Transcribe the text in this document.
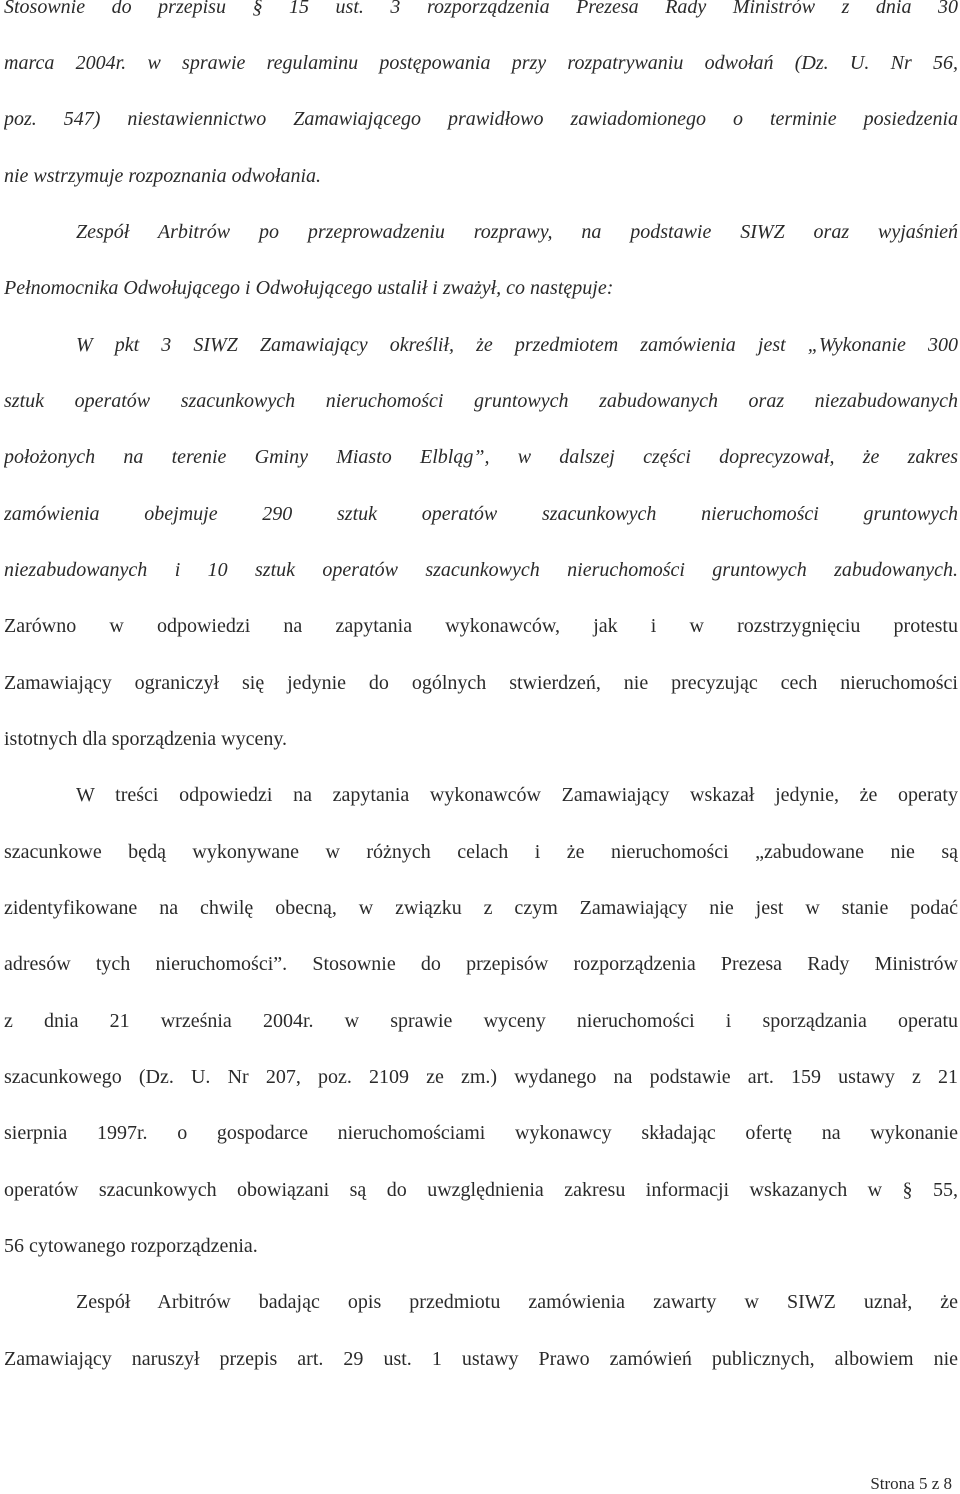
Stosownie do przepisu § 15 ust. 3 rozporządzenia Prezesa Rady Ministrów z dnia 30
marca 2004r. w sprawie regulaminu postępowania przy rozpatrywaniu odwołań (Dz. U. Nr 56,
poz. 547) niestawiennictwo Zamawiającego prawidłowo zawiadomionego o terminie posiedzenia
nie wstrzymuje rozpoznania odwołania.
Zespół Arbitrów po przeprowadzeniu rozprawy, na podstawie SIWZ oraz wyjaśnień
Pełnomocnika Odwołującego i Odwołującego ustalił i zważył, co następuje:
W pkt 3 SIWZ Zamawiający określił, że przedmiotem zamówienia jest „Wykonanie 300
sztuk operatów szacunkowych nieruchomości gruntowych zabudowanych oraz niezabudowanych
położonych na terenie Gminy Miasto Elbląg”, w dalszej części doprecyzował, że zakres
zamówienia obejmuje 290 sztuk operatów szacunkowych nieruchomości gruntowych
niezabudowanych i 10 sztuk operatów szacunkowych nieruchomości gruntowych zabudowanych.
Zarówno w odpowiedzi na zapytania wykonawców, jak i w rozstrzygnięciu protestu
Zamawiający ograniczył się jedynie do ogólnych stwierdzeń, nie precyzując cech nieruchomości
istotnych dla sporządzenia wyceny.
W treści odpowiedzi na zapytania wykonawców Zamawiający wskazał jedynie, że operaty
szacunkowe będą wykonywane w różnych celach i że nieruchomości „zabudowane nie są
zidentyfikowane na chwilę obecną, w związku z czym Zamawiający nie jest w stanie podać
adresów tych nieruchomości”. Stosownie do przepisów rozporządzenia Prezesa Rady Ministrów
z dnia 21 września 2004r. w sprawie wyceny nieruchomości i sporządzania operatu
szacunkowego (Dz. U. Nr 207, poz. 2109 ze zm.) wydanego na podstawie art. 159 ustawy z 21
sierpnia 1997r. o gospodarce nieruchomościami wykonawcy składając ofertę na wykonanie
operatów szacunkowych obowiązani są do uwzględnienia zakresu informacji wskazanych w § 55,
56 cytowanego rozporządzenia.
Zespół Arbitrów badając opis przedmiotu zamówienia zawarty w SIWZ uznał, że
Zamawiający naruszył przepis art. 29 ust. 1 ustawy Prawo zamówień publicznych, albowiem nie
Strona 5 z 8
